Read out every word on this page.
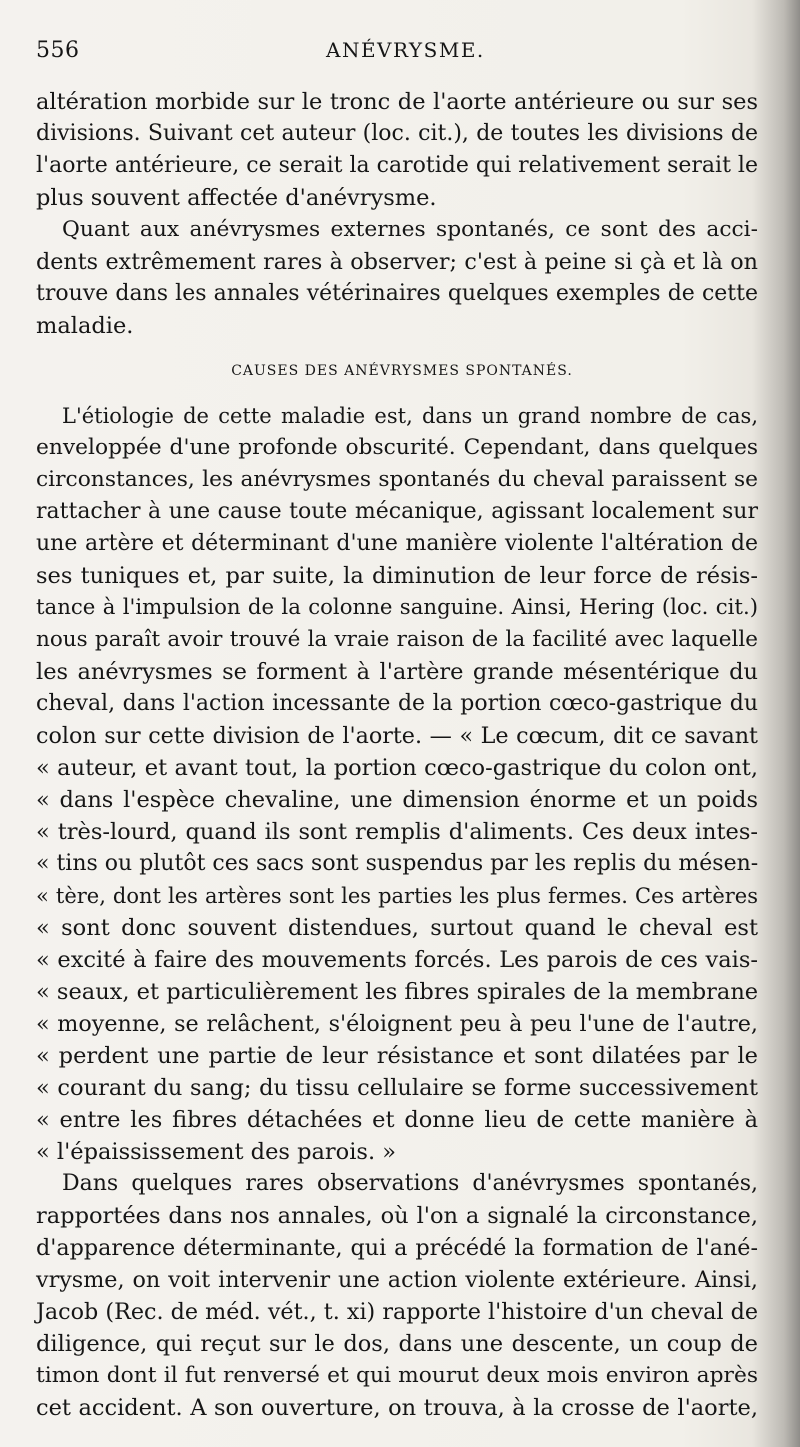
556	ANÉVRYSME.
altération morbide sur le tronc de l'aorte antérieure ou sur ses
divisions. Suivant cet auteur (loc. cit.), de toutes les divisions de
l'aorte antérieure, ce serait la carotide qui relativement serait le
plus souvent affectée d'anévrysme.
Quant aux anévrysmes externes spontanés, ce sont des acci-
dents extrêmement rares à observer; c'est à peine si çà et là on
trouve dans les annales vétérinaires quelques exemples de cette
maladie.
CAUSES DES ANÉVRYSMES SPONTANÉS.
L'étiologie de cette maladie est, dans un grand nombre de cas,
enveloppée d'une profonde obscurité. Cependant, dans quelques
circonstances, les anévrysmes spontanés du cheval paraissent se
rattacher à une cause toute mécanique, agissant localement sur
une artère et déterminant d'une manière violente l'altération de
ses tuniques et, par suite, la diminution de leur force de résis-
tance à l'impulsion de la colonne sanguine. Ainsi, Hering (loc. cit.)
nous paraît avoir trouvé la vraie raison de la facilité avec laquelle
les anévrysmes se forment à l'artère grande mésentérique du
cheval, dans l'action incessante de la portion cœco-gastrique du
colon sur cette division de l'aorte. — « Le cœcum, dit ce savant
« auteur, et avant tout, la portion cœco-gastrique du colon ont,
« dans l'espèce chevaline, une dimension énorme et un poids
« très-lourd, quand ils sont remplis d'aliments. Ces deux intes-
« tins ou plutôt ces sacs sont suspendus par les replis du mésen-
« tère, dont les artères sont les parties les plus fermes. Ces artères
« sont donc souvent distendues, surtout quand le cheval est
« excité à faire des mouvements forcés. Les parois de ces vais-
« seaux, et particulièrement les fibres spirales de la membrane
« moyenne, se relâchent, s'éloignent peu à peu l'une de l'autre,
« perdent une partie de leur résistance et sont dilatées par le
« courant du sang; du tissu cellulaire se forme successivement
« entre les fibres détachées et donne lieu de cette manière à
« l'épaississement des parois. »
Dans quelques rares observations d'anévrysmes spontanés,
rapportées dans nos annales, où l'on a signalé la circonstance,
d'apparence déterminante, qui a précédé la formation de l'ané-
vrysme, on voit intervenir une action violente extérieure. Ainsi,
Jacob (Rec. de méd. vét., t. xi) rapporte l'histoire d'un cheval de
diligence, qui reçut sur le dos, dans une descente, un coup de
timon dont il fut renversé et qui mourut deux mois environ après
cet accident. A son ouverture, on trouva, à la crosse de l'aorte,
